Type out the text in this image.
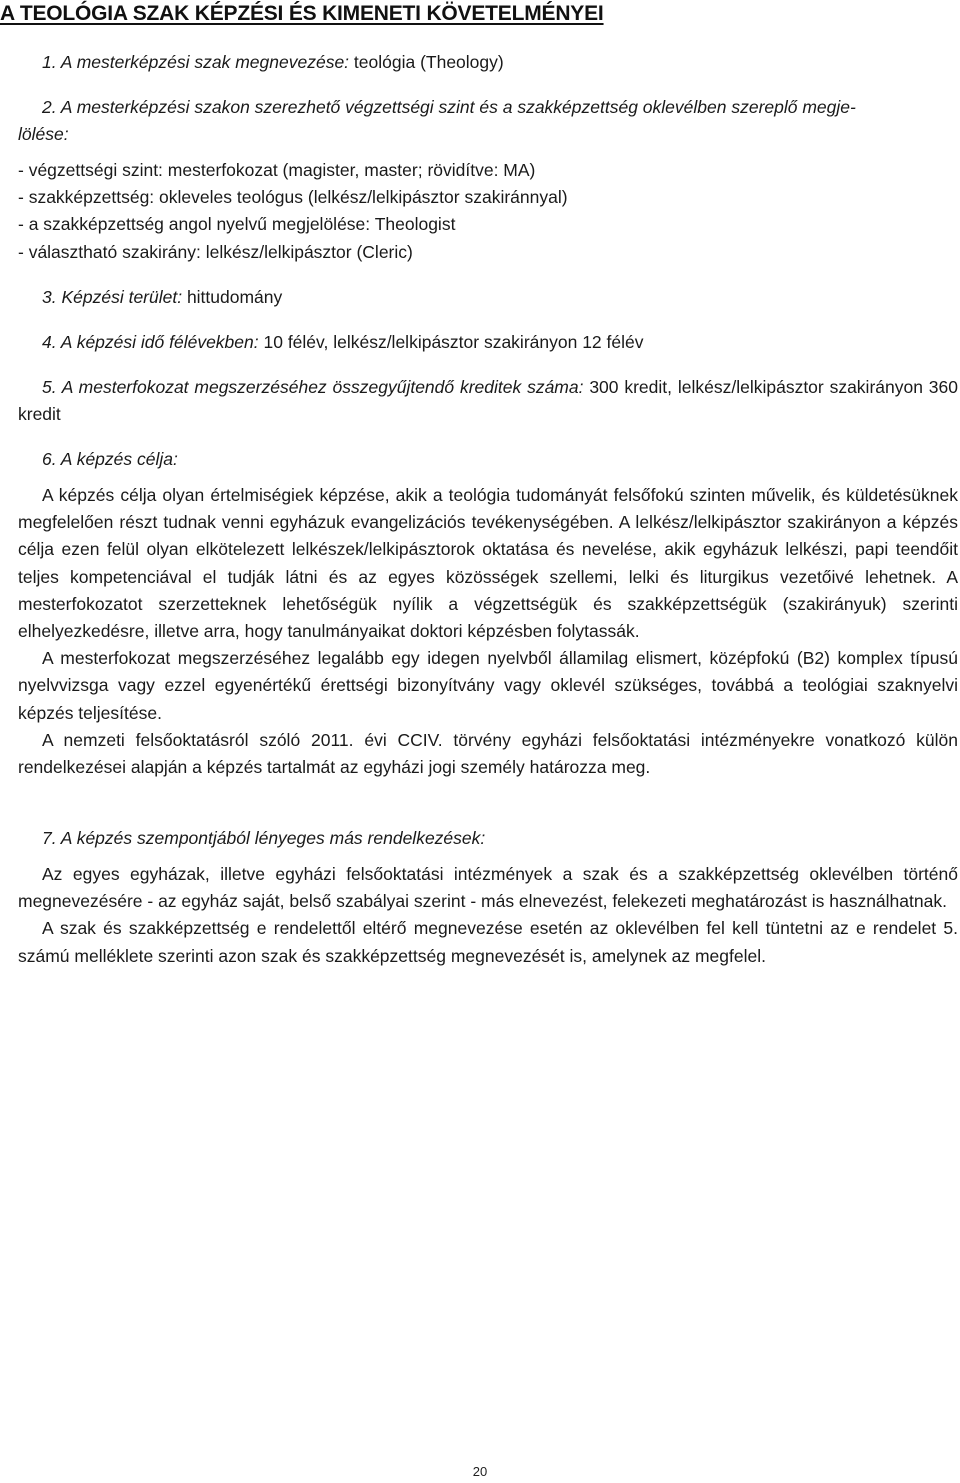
A TEOLÓGIA SZAK KÉPZÉSI ÉS KIMENETI KÖVETELMÉNYEI
1. A mesterképzési szak megnevezése: teológia (Theology)
2. A mesterképzési szakon szerezhető végzettségi szint és a szakképzettség oklevélben szereplő megje-
lölése:
- végzettségi szint: mesterfokozat (magister, master; rövidítve: MA)
- szakképzettség: okleveles teológus (lelkész/lelkipásztor szakiránnyal)
- a szakképzettség angol nyelvű megjelölése: Theologist
- választható szakirány: lelkész/lelkipásztor (Cleric)
3. Képzési terület: hittudomány
4. A képzési idő félévekben: 10 félév, lelkész/lelkipásztor szakirányon 12 félév
5. A mesterfokozat megszerzéséhez összegyűjtendő kreditek száma: 300 kredit, lelkész/lelkipásztor szakirányon 360 kredit
6. A képzés célja:

A képzés célja olyan értelmiségiek képzése, akik a teológia tudományát felsőfokú szinten művelik, és küldetésüknek megfelelően részt tudnak venni egyházuk evangelizációs tevékenységében. A lelkész/lelkipásztor szakirányon a képzés célja ezen felül olyan elkötelezett lelkészek/lelkipásztorok oktatása és nevelése, akik egyházuk lelkészi, papi teendőit teljes kompetenciával el tudják látni és az egyes közösségek szellemi, lelki és liturgikus vezetőivé lehetnek. A mesterfokozatot szerzetteknek lehetőségük nyílik a végzettségük és szakképzettségük (szakirányuk) szerinti elhelyezkedésre, illetve arra, hogy tanulmányaikat doktori képzésben folytassák.

A mesterfokozat megszerzéséhez legalább egy idegen nyelvből államilag elismert, középfokú (B2) komplex típusú nyelvvizsga vagy ezzel egyenértékű érettségi bizonyítvány vagy oklevél szükséges, továbbá a teológiai szaknyelvi képzés teljesítése.

A nemzeti felsőoktatásról szóló 2011. évi CCIV. törvény egyházi felsőoktatási intézményekre vonatkozó külön rendelkezései alapján a képzés tartalmát az egyházi jogi személy határozza meg.

7. A képzés szempontjából lényeges más rendelkezések:

Az egyes egyházak, illetve egyházi felsőoktatási intézmények a szak és a szakképzettség oklevélben történő megnevezésére - az egyház saját, belső szabályai szerint - más elnevezést, felekezeti meghatározást is használhatnak.

A szak és szakképzettség e rendelettől eltérő megnevezése esetén az oklevélben fel kell tüntetni az e rendelet 5. számú melléklete szerinti azon szak és szakképzettség megnevezését is, amelynek az megfelel.

20
